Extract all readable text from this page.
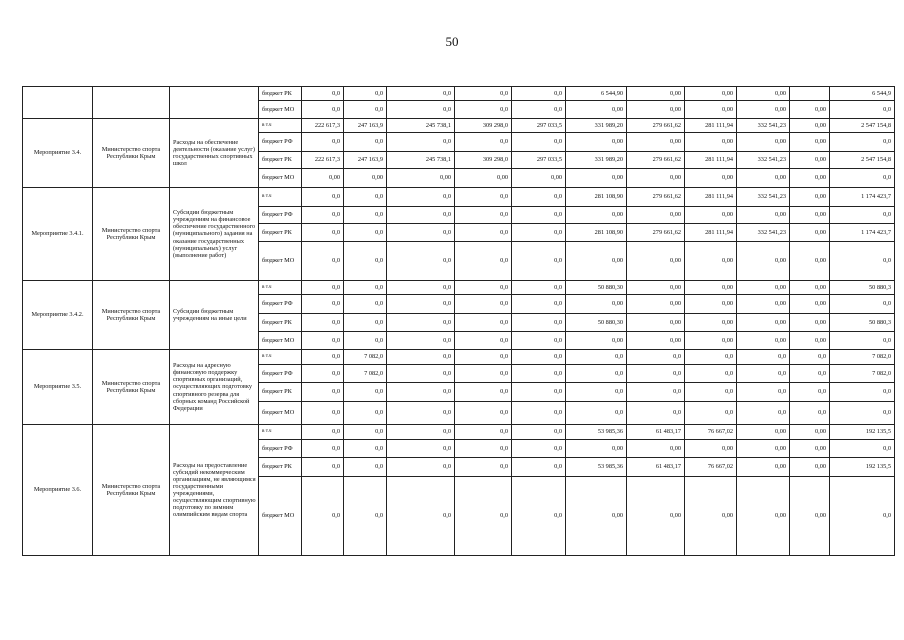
50
			бюджет РК	0,0	0,0	0,0	0,0	0,0	6 544,90	0,00	0,00	0,00		6 544,9
			бюджет МО	0,0	0,0	0,0	0,0	0,0	0,00	0,00	0,00	0,00	0,00	0,0
Мероприятие 3.4.	Министерство спорта Республики Крым	Расходы на обеспечение деятельности (оказание услуг) государственных спортивных школ	в т.ч	222 617,3	247 163,9	245 738,1	309 298,0	297 033,5	331 989,20	279 661,62	281 111,94	332 541,23	0,00	2 547 154,8
			бюджет РФ	0,0	0,0	0,0	0,0	0,0	0,00	0,00	0,00	0,00	0,00	0,0
			бюджет РК	222 617,3	247 163,9	245 738,1	309 298,0	297 033,5	331 989,20	279 661,62	281 111,94	332 541,23	0,00	2 547 154,8
			бюджет МО	0,00	0,00	0,00	0,00	0,00	0,00	0,00	0,00	0,00	0,00	0,0
Мероприятие 3.4.1.	Министерство спорта Республики Крым	Субсидии бюджетным учреждениям на финансовое обеспечение государственного (муниципального) задания на оказание государственных (муниципальных) услуг (выполнение работ)	в т.ч	0,0	0,0	0,0	0,0	0,0	281 108,90	279 661,62	281 111,94	332 541,23	0,00	1 174 423,7
			бюджет РФ	0,0	0,0	0,0	0,0	0,0	0,00	0,00	0,00	0,00	0,00	0,0
			бюджет РК	0,0	0,0	0,0	0,0	0,0	281 108,90	279 661,62	281 111,94	332 541,23	0,00	1 174 423,7
			бюджет МО	0,0	0,0	0,0	0,0	0,0	0,00	0,00	0,00	0,00	0,00	0,0
Мероприятие 3.4.2.	Министерство спорта Республики Крым	Субсидии бюджетным учреждениям на иные цели	в т.ч	0,0	0,0	0,0	0,0	0,0	50 880,30	0,00	0,00	0,00	0,00	50 880,3
			бюджет РФ	0,0	0,0	0,0	0,0	0,0	0,00	0,00	0,00	0,00	0,00	0,0
			бюджет РК	0,0	0,0	0,0	0,0	0,0	50 880,30	0,00	0,00	0,00	0,00	50 880,3
			бюджет МО	0,0	0,0	0,0	0,0	0,0	0,00	0,00	0,00	0,00	0,00	0,0
Мероприятие 3.5.	Министерство спорта Республики Крым	Расходы на адресную финансовую поддержку спортивных организаций, осуществляющих подготовку спортивного резерва для сборных команд Российской Федерации	в т.ч	0,0	7 082,0	0,0	0,0	0,0	0,0	0,0	0,0	0,0	0,0	7 082,0
			бюджет РФ	0,0	7 082,0	0,0	0,0	0,0	0,0	0,0	0,0	0,0	0,0	7 082,0
			бюджет РК	0,0	0,0	0,0	0,0	0,0	0,0	0,0	0,0	0,0	0,0	0,0
			бюджет МО	0,0	0,0	0,0	0,0	0,0	0,0	0,0	0,0	0,0	0,0	0,0
Мероприятие 3.6.	Министерство спорта Республики Крым	Расходы на предоставление субсидий некоммерческим организациям, не являющимся государственными учреждениями, осуществляющим спортивную подготовку по зимним олимпийским видам спорта	в т.ч	0,0	0,0	0,0	0,0	0,0	53 985,36	61 483,17	76 667,02	0,00	0,00	192 135,5
			бюджет РФ	0,0	0,0	0,0	0,0	0,0	0,00	0,00	0,00	0,00	0,00	0,0
			бюджет РК	0,0	0,0	0,0	0,0	0,0	53 985,36	61 483,17	76 667,02	0,00	0,00	192 135,5
			бюджет МО	0,0	0,0	0,0	0,0	0,0	0,00	0,00	0,00	0,00	0,00	0,0
